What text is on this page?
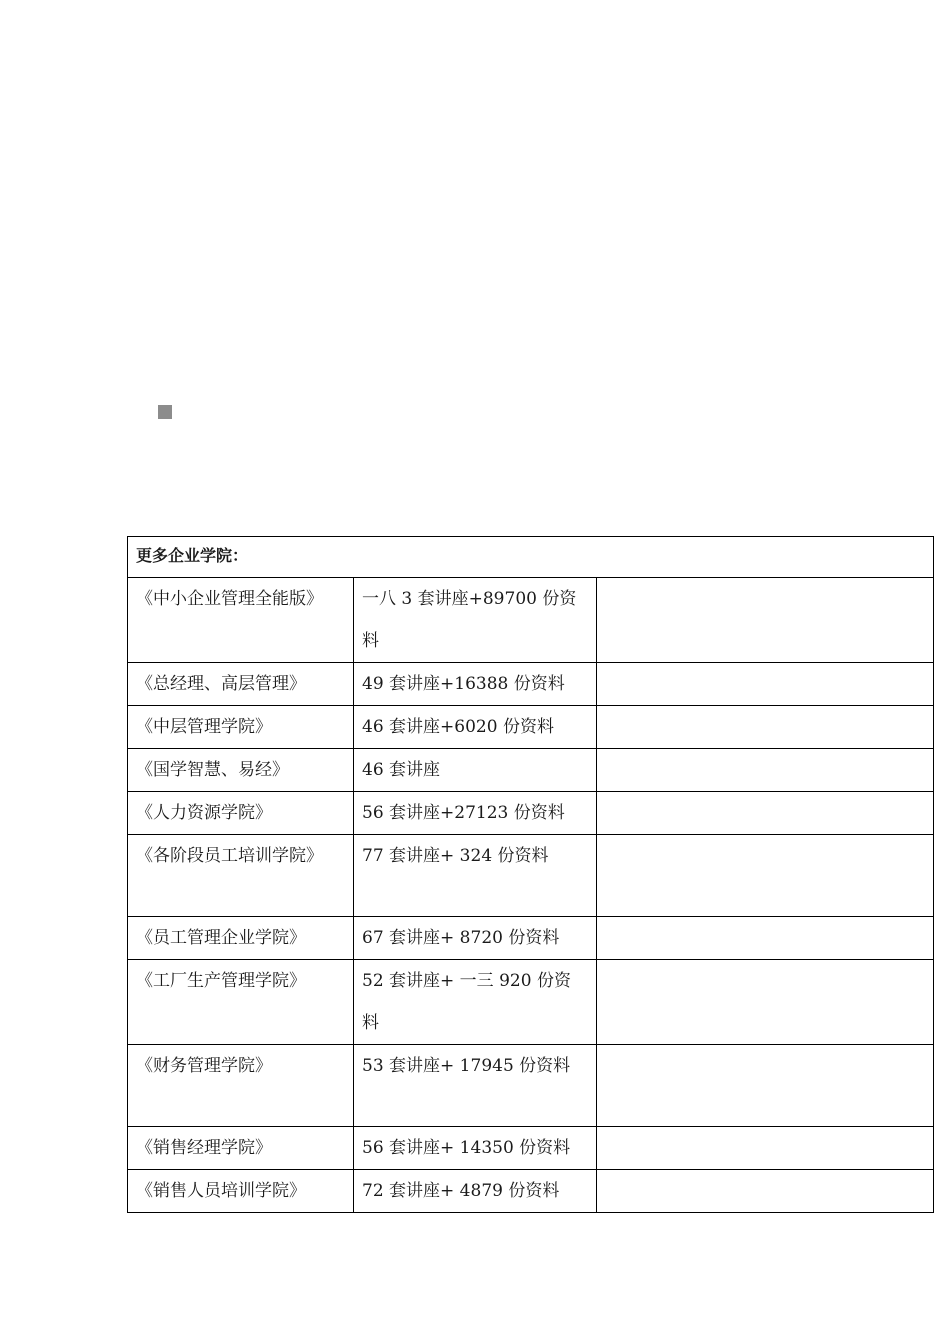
更多企业学院：		
《中小企业管理全能版》	一八 3 套讲座+89700 份资料	
《总经理、高层管理》	49 套讲座+16388 份资料	
《中层管理学院》	46 套讲座+6020 份资料	
《国学智慧、易经》	46 套讲座	
《人力资源学院》	56 套讲座+27123 份资料	
《各阶段员工培训学院》	77 套讲座+ 324 份资料	
《员工管理企业学院》	67 套讲座+ 8720 份资料	
《工厂生产管理学院》	52 套讲座+ 一三 920 份资料	
《财务管理学院》	53 套讲座+ 17945 份资料	
《销售经理学院》	56 套讲座+ 14350 份资料	
《销售人员培训学院》	72 套讲座+ 4879 份资料	
